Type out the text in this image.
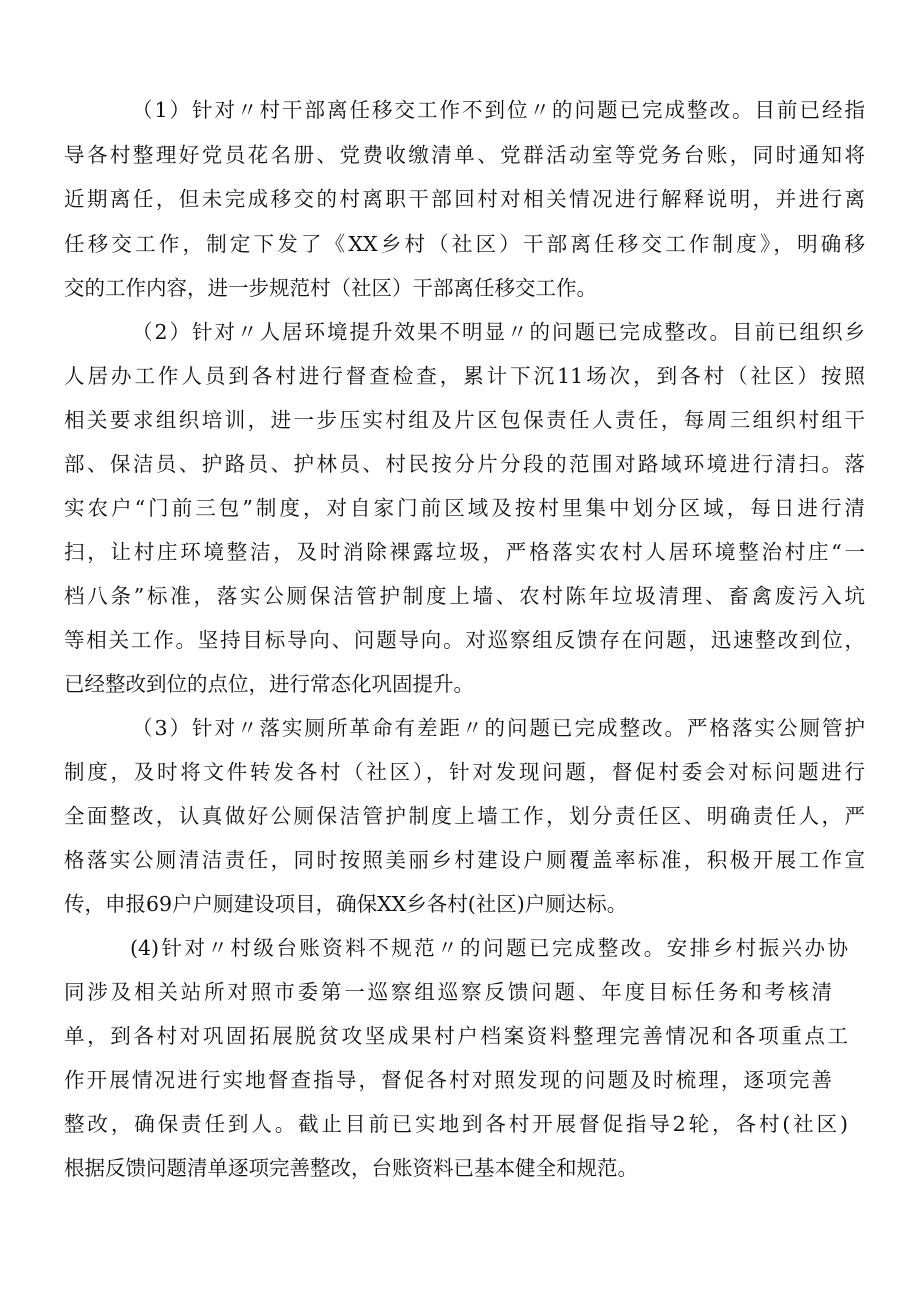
（1）针对〃村干部离任移交工作不到位〃的问题已完成整改。目前已经指
导各村整理好党员花名册、党费收缴清单、党群活动室等党务台账，同时通知将
近期离任，但未完成移交的村离职干部回村对相关情况进行解释说明，并进行离
任移交工作，制定下发了《XX乡村（社区）干部离任移交工作制度》，明确移
交的工作内容，进一步规范村（社区）干部离任移交工作。
（2）针对〃人居环境提升效果不明显〃的问题已完成整改。目前已组织乡
人居办工作人员到各村进行督查检查，累计下沉11场次，到各村（社区）按照
相关要求组织培训，进一步压实村组及片区包保责任人责任，每周三组织村组干
部、保洁员、护路员、护林员、村民按分片分段的范围对路域环境进行清扫。落
实农户“门前三包”制度，对自家门前区域及按村里集中划分区域，每日进行清
扫，让村庄环境整洁，及时消除裸露垃圾，严格落实农村人居环境整治村庄“一
档八条”标准，落实公厕保洁管护制度上墙、农村陈年垃圾清理、畜禽废污入坑
等相关工作。坚持目标导向、问题导向。对巡察组反馈存在问题，迅速整改到位，
已经整改到位的点位，进行常态化巩固提升。
（3）针对〃落实厕所革命有差距〃的问题已完成整改。严格落实公厕管护
制度，及时将文件转发各村（社区），针对发现问题，督促村委会对标问题进行
全面整改，认真做好公厕保洁管护制度上墙工作，划分责任区、明确责任人，严
格落实公厕清洁责任，同时按照美丽乡村建设户厕覆盖率标准，积极开展工作宣
传，申报69户户厕建设项目，确保XX乡各村(社区)户厕达标。
(4)针对〃村级台账资料不规范〃的问题已完成整改。安排乡村振兴办协
同涉及相关站所对照市委第一巡察组巡察反馈问题、年度目标任务和考核清
单，到各村对巩固拓展脱贫攻坚成果村户档案资料整理完善情况和各项重点工
作开展情况进行实地督查指导，督促各村对照发现的问题及时梳理，逐项完善
整改，确保责任到人。截止目前已实地到各村开展督促指导2轮，各村(社区)
根据反馈问题清单逐项完善整改，台账资料已基本健全和规范。
